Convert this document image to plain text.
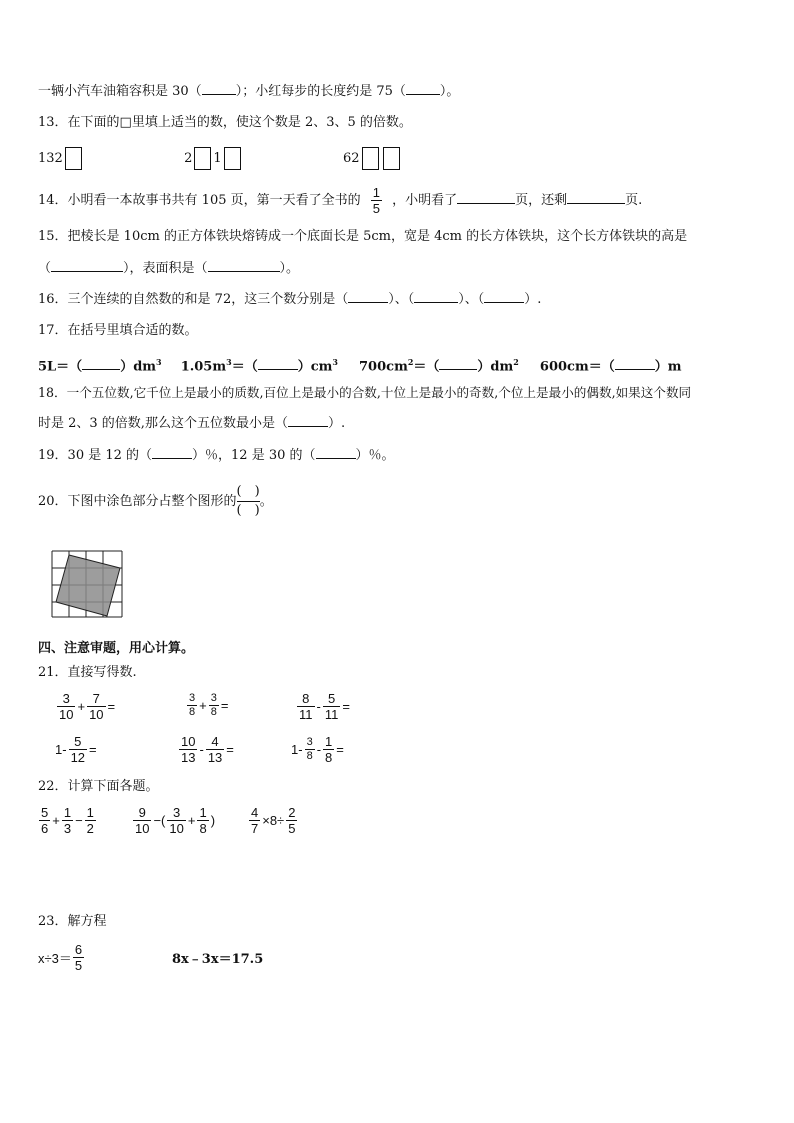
一辆小汽车油箱容积是 30（	）；小红每步的长度约是 75（	）。
13．在下面的□里填上适当的数，使这个数是 2、3、5 的倍数。
132	2 1	62
14．小明看一本故事书共有 105 页，第一天看了全书的 $\frac{1}{5}$ ，小明看了	页，还剩	页.
15．把棱长是 10cm 的正方体铁块熔铸成一个底面长是 5cm，宽是 4cm 的长方体铁块，这个长方体铁块的高是
（	），表面积是（	）。
16．三个连续的自然数的和是 72，这三个数分别是（	）、（	）、（	）.
17．在括号里填合适的数。
5L＝（	）$dm^3$ $1.05m^3=$（	）$cm^3$ $700cm^2=$（	）$dm^2$ 600cm＝（	）m
18．一个五位数,它千位上是最小的质数,百位上是最小的合数,十位上是最小的奇数,个位上是最小的偶数,如果这个数同
时是 2、3 的倍数,那么这个五位数最小是（	）.
19．30 是 12 的（	）％，12 是 30 的（	）％。
20．下图中涂色部分占整个图形的 $\frac{( )}{( )}$ 。
四、注意审题，用心计算。
21．直接写得数.
$\frac{3}{10} + \frac{7}{10}$ =	$\frac{3}{8} + \frac{3}{8}$ =	$\frac{8}{11} - \frac{5}{11}$ =
$1- \frac{5}{12}$ =	$\frac{10}{13} - \frac{4}{13}$ =	$1- \frac{3}{8} - \frac{1}{8}$ =
22．计算下面各题。
$\frac{5}{6} + \frac{1}{3} - \frac{1}{2}$	$\frac{9}{10}$ −( $\frac{3}{10} + \frac{1}{8}$ )	$\frac{4}{7} \times 8\div \frac{2}{5}$
23．解方程
$x\div 3= \frac{6}{5}$	8x﹣3x＝17.5
